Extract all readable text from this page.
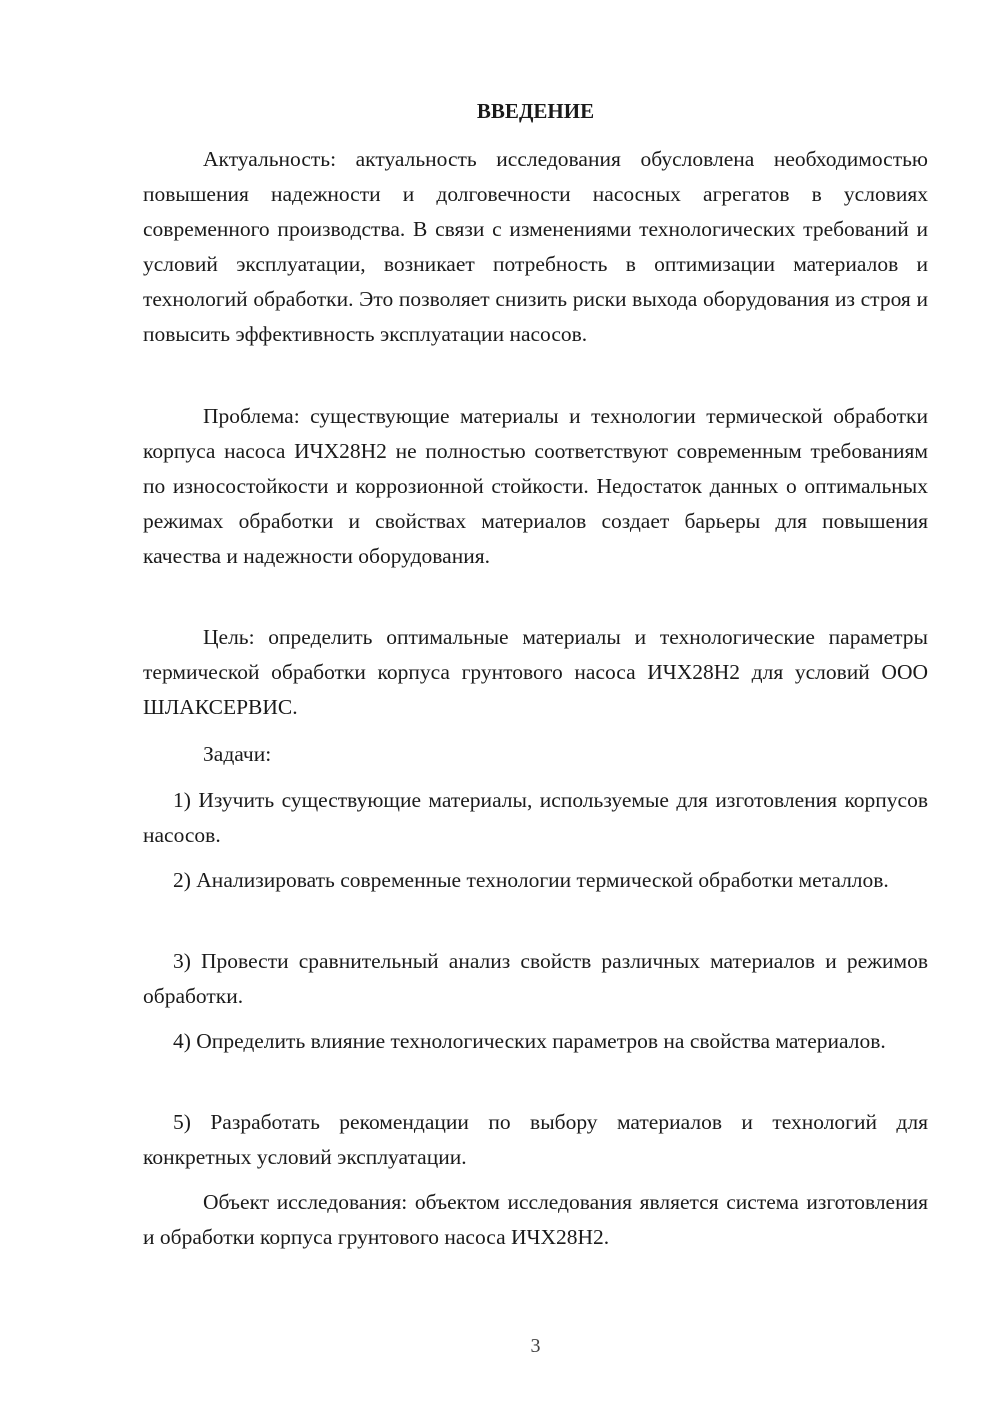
ВВЕДЕНИЕ

Актуальность: актуальность исследования обусловлена необходимостью повышения надежности и долговечности насосных агрегатов в условиях современного производства. В связи с изменениями технологических требований и условий эксплуатации, возникает потребность в оптимизации материалов и технологий обработки. Это позволяет снизить риски выхода оборудования из строя и повысить эффективность эксплуатации насосов.

Проблема: существующие материалы и технологии термической обработки корпуса насоса ИЧХ28Н2 не полностью соответствуют современным требованиям по износостойкости и коррозионной стойкости. Недостаток данных о оптимальных режимах обработки и свойствах материалов создает барьеры для повышения качества и надежности оборудования.

Цель: определить оптимальные материалы и технологические параметры термической обработки корпуса грунтового насоса ИЧХ28Н2 для условий ООО ШЛАКСЕРВИС.

Задачи:

1) Изучить существующие материалы, используемые для изготовления корпусов насосов.

2) Анализировать современные технологии термической обработки металлов.

3) Провести сравнительный анализ свойств различных материалов и режимов обработки.

4) Определить влияние технологических параметров на свойства материалов.

5) Разработать рекомендации по выбору материалов и технологий для конкретных условий эксплуатации.

Объект исследования: объектом исследования является система изготовления и обработки корпуса грунтового насоса ИЧХ28Н2.

3
